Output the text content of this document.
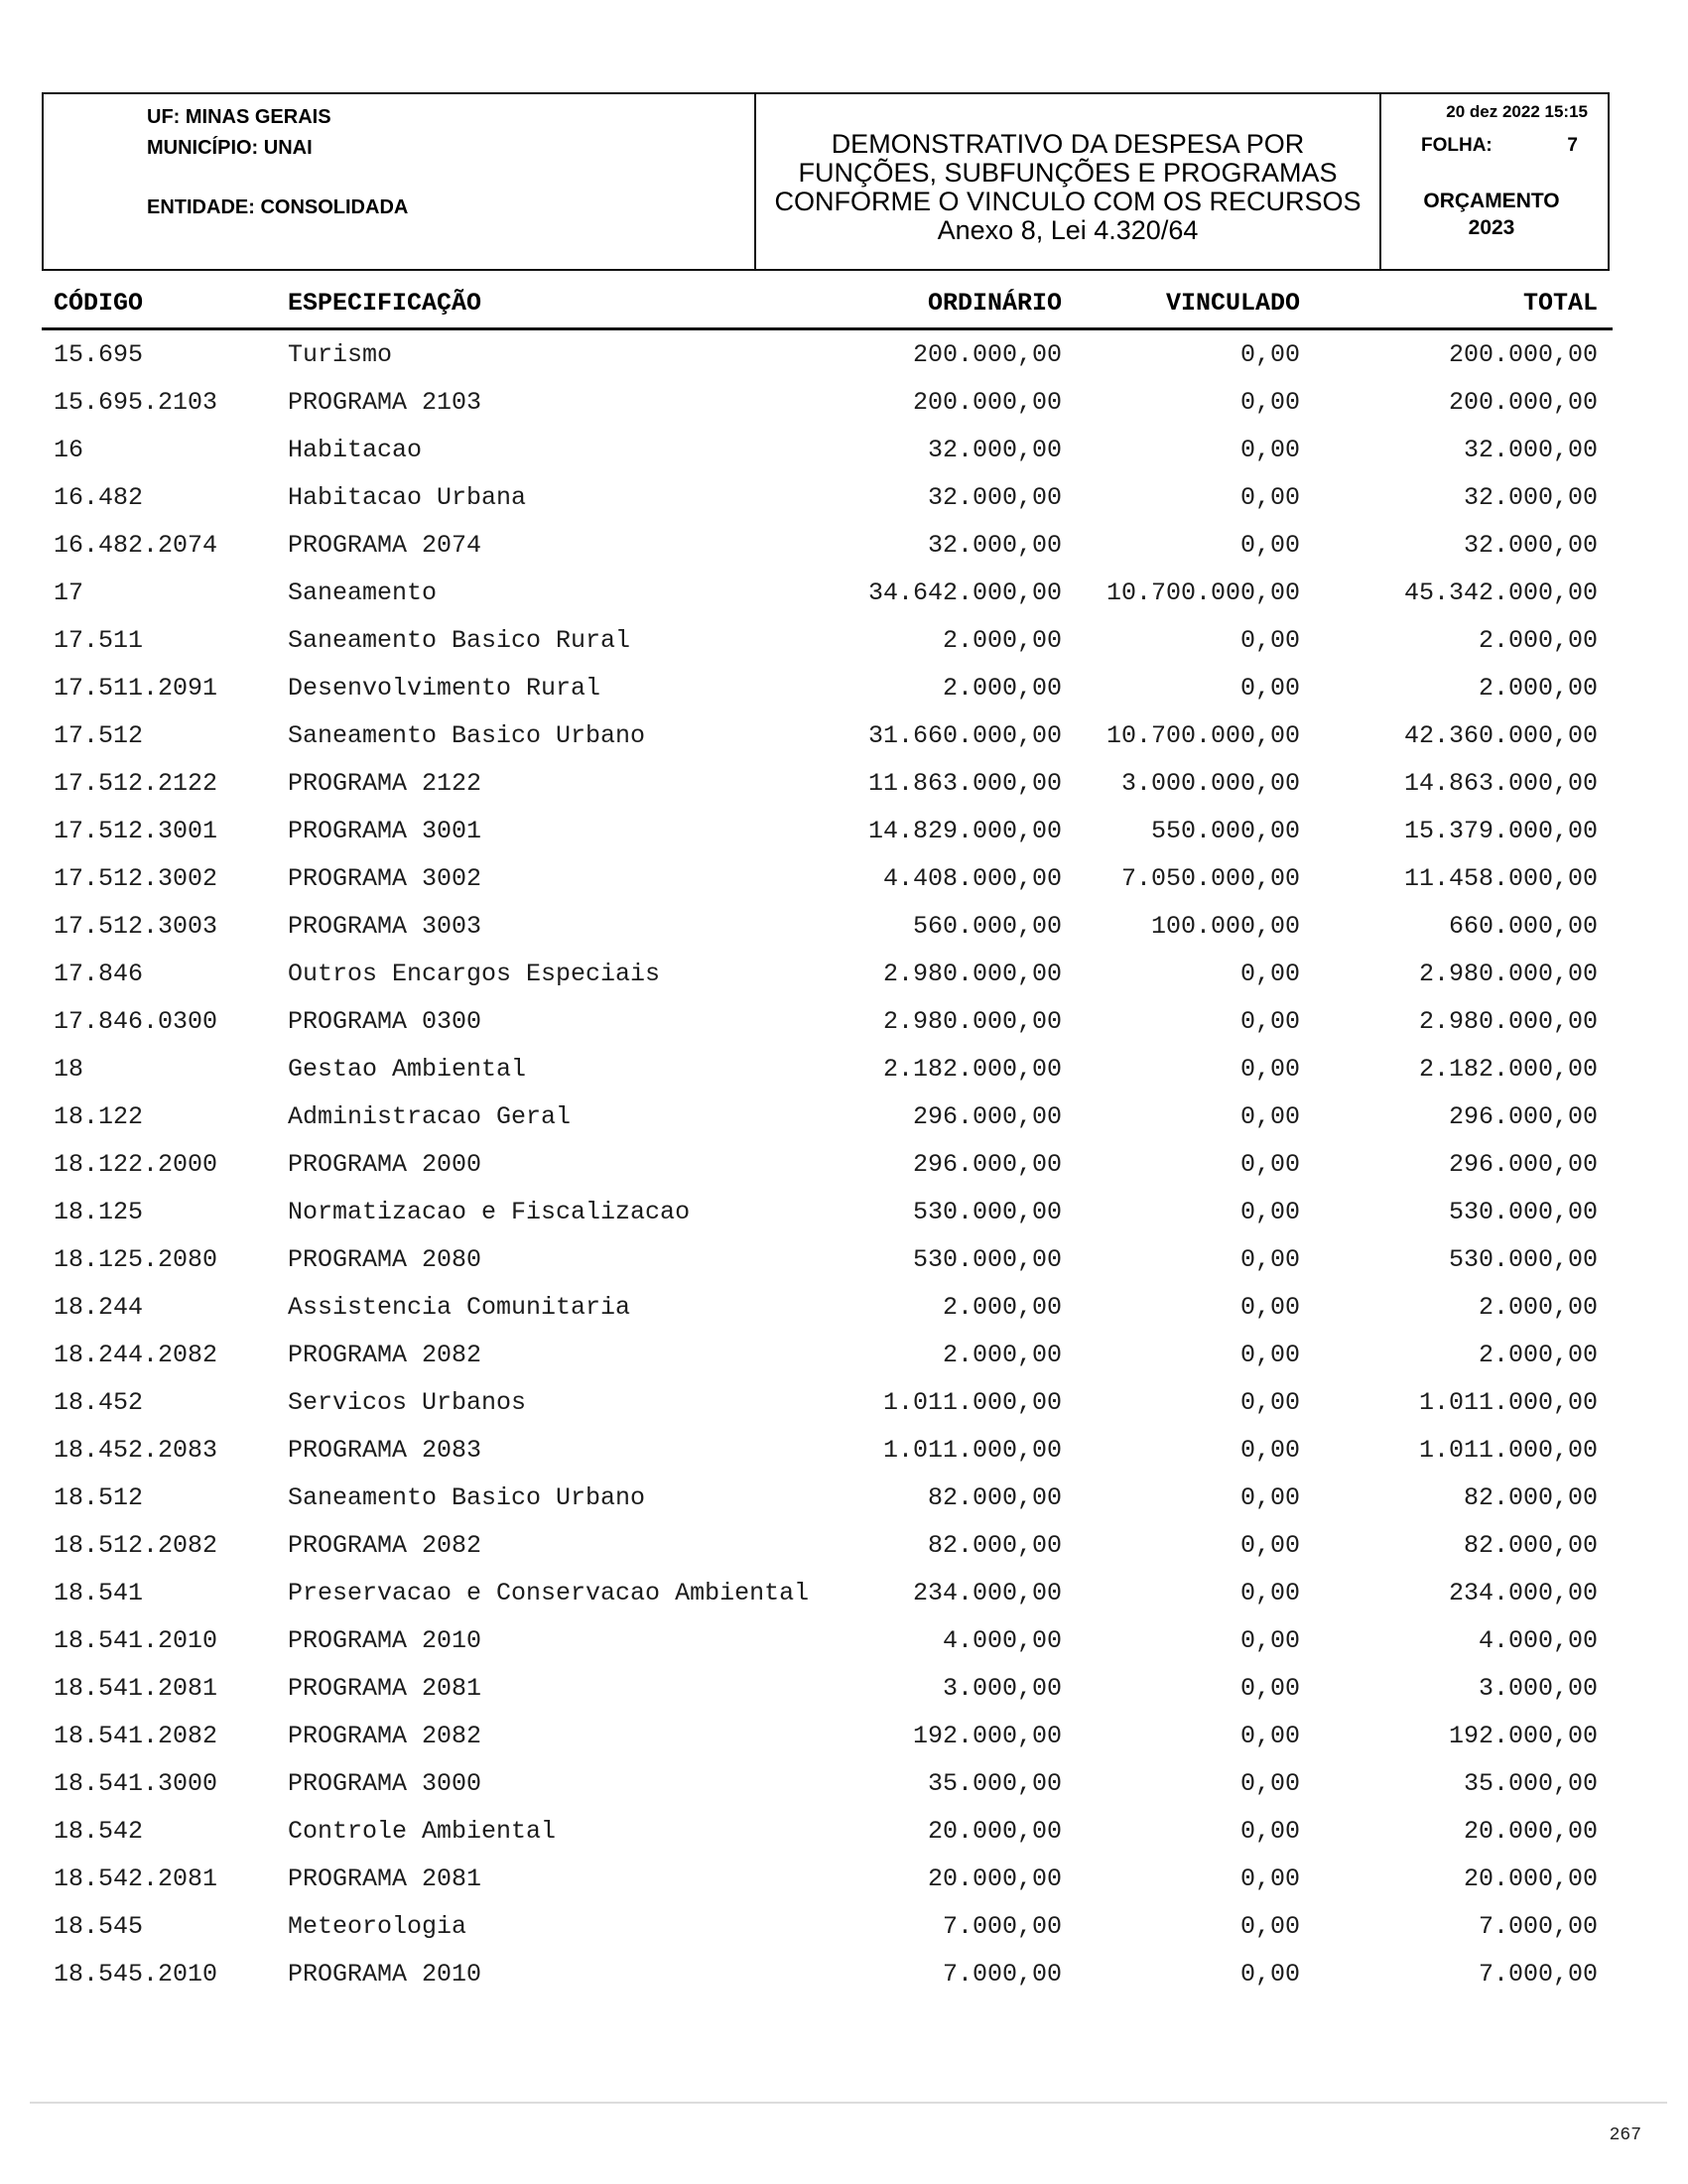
UF: MINAS GERAIS
MUNICÍPIO: UNAI
ENTIDADE: CONSOLIDADA
DEMONSTRATIVO DA DESPESA POR
FUNÇÕES, SUBFUNÇÕES E PROGRAMAS
CONFORME O VINCULO COM OS RECURSOS
Anexo 8, Lei 4.320/64
20 dez 2022 15:15
FOLHA:	7
ORÇAMENTO
2023
CÓDIGO	ESPECIFICAÇÃO	ORDINÁRIO	VINCULADO	TOTAL
15.695	Turismo	200.000,00	0,00	200.000,00
15.695.2103	PROGRAMA 2103	200.000,00	0,00	200.000,00
16	Habitacao	32.000,00	0,00	32.000,00
16.482	Habitacao Urbana	32.000,00	0,00	32.000,00
16.482.2074	PROGRAMA 2074	32.000,00	0,00	32.000,00
17	Saneamento	34.642.000,00	10.700.000,00	45.342.000,00
17.511	Saneamento Basico Rural	2.000,00	0,00	2.000,00
17.511.2091	Desenvolvimento Rural	2.000,00	0,00	2.000,00
17.512	Saneamento Basico Urbano	31.660.000,00	10.700.000,00	42.360.000,00
17.512.2122	PROGRAMA 2122	11.863.000,00	3.000.000,00	14.863.000,00
17.512.3001	PROGRAMA 3001	14.829.000,00	550.000,00	15.379.000,00
17.512.3002	PROGRAMA 3002	4.408.000,00	7.050.000,00	11.458.000,00
17.512.3003	PROGRAMA 3003	560.000,00	100.000,00	660.000,00
17.846	Outros Encargos Especiais	2.980.000,00	0,00	2.980.000,00
17.846.0300	PROGRAMA 0300	2.980.000,00	0,00	2.980.000,00
18	Gestao Ambiental	2.182.000,00	0,00	2.182.000,00
18.122	Administracao Geral	296.000,00	0,00	296.000,00
18.122.2000	PROGRAMA 2000	296.000,00	0,00	296.000,00
18.125	Normatizacao e Fiscalizacao	530.000,00	0,00	530.000,00
18.125.2080	PROGRAMA 2080	530.000,00	0,00	530.000,00
18.244	Assistencia Comunitaria	2.000,00	0,00	2.000,00
18.244.2082	PROGRAMA 2082	2.000,00	0,00	2.000,00
18.452	Servicos Urbanos	1.011.000,00	0,00	1.011.000,00
18.452.2083	PROGRAMA 2083	1.011.000,00	0,00	1.011.000,00
18.512	Saneamento Basico Urbano	82.000,00	0,00	82.000,00
18.512.2082	PROGRAMA 2082	82.000,00	0,00	82.000,00
18.541	Preservacao e Conservacao Ambiental	234.000,00	0,00	234.000,00
18.541.2010	PROGRAMA 2010	4.000,00	0,00	4.000,00
18.541.2081	PROGRAMA 2081	3.000,00	0,00	3.000,00
18.541.2082	PROGRAMA 2082	192.000,00	0,00	192.000,00
18.541.3000	PROGRAMA 3000	35.000,00	0,00	35.000,00
18.542	Controle Ambiental	20.000,00	0,00	20.000,00
18.542.2081	PROGRAMA 2081	20.000,00	0,00	20.000,00
18.545	Meteorologia	7.000,00	0,00	7.000,00
18.545.2010	PROGRAMA 2010	7.000,00	0,00	7.000,00
267
